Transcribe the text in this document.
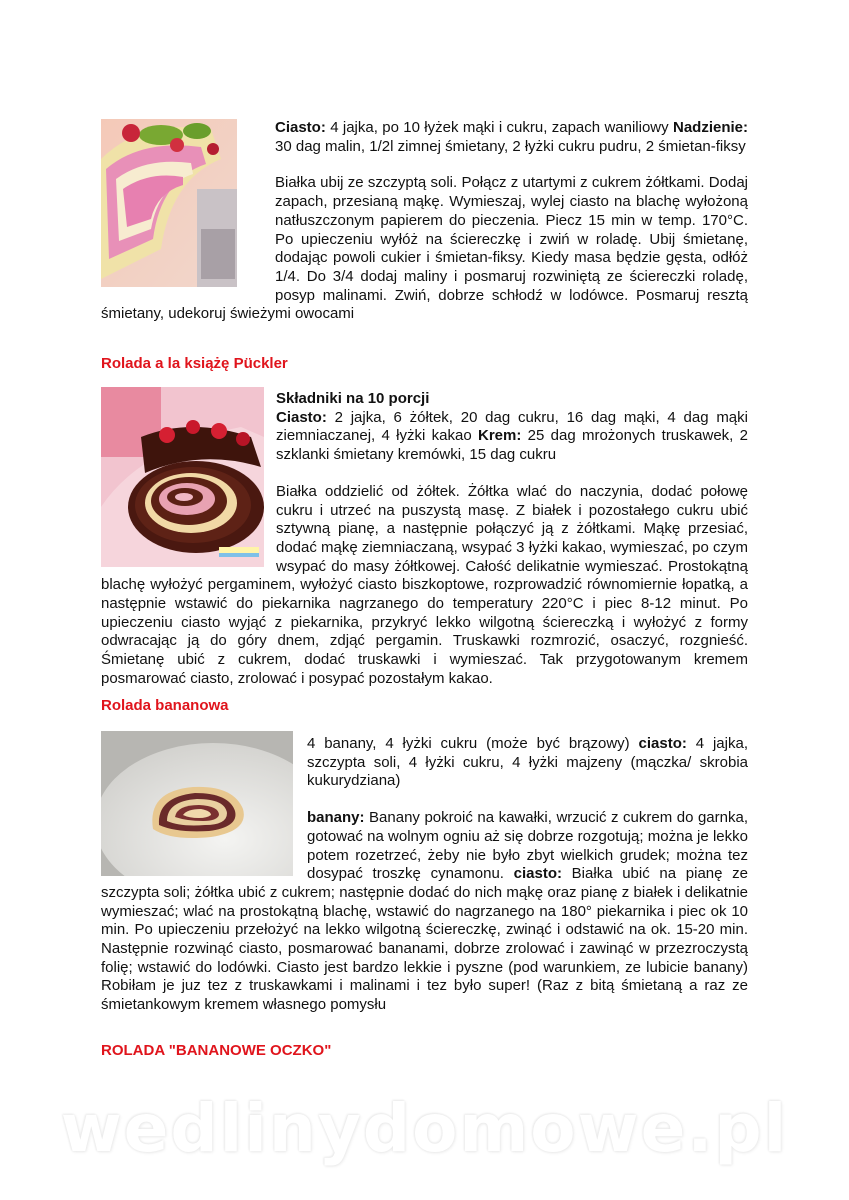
Ciasto: 4 jajka, po 10 łyżek mąki i cukru, zapach waniliowy Nadzienie: 30 dag malin, 1/2l zimnej śmietany, 2 łyżki cukru pudru, 2 śmietan-fiksy

Białka ubij ze szczyptą soli. Połącz z utartymi z cukrem żółtkami. Dodaj zapach, przesianą mąkę. Wymieszaj, wylej ciasto na blachę wyłożoną natłuszczonym papierem do pieczenia. Piecz 15 min w temp. 170°C. Po upieczeniu wyłóż na ściereczkę i zwiń w roladę. Ubij śmietanę, dodając powoli cukier i śmietan-fiksy. Kiedy masa będzie gęsta, odłóż 1/4. Do 3/4 dodaj maliny i posmaruj rozwiniętą ze ściereczki roladę, posyp malinami. Zwiń, dobrze schłodź w lodówce. Posmaruj resztą śmietany, udekoruj świeżymi owocami

Rolada a la książę Pückler

Składniki na 10 porcji
Ciasto: 2 jajka, 6 żółtek, 20 dag cukru, 16 dag mąki, 4 dag mąki ziemniaczanej, 4 łyżki kakao Krem: 25 dag mrożonych truskawek, 2 szklanki śmietany kremówki, 15 dag cukru

Białka oddzielić od żółtek. Żółtka wlać do naczynia, dodać połowę cukru i utrzeć na puszystą masę. Z białek i pozostałego cukru ubić sztywną pianę, a następnie połączyć ją z żółtkami. Mąkę przesiać, dodać mąkę ziemniaczaną, wsypać 3 łyżki kakao, wymieszać, po czym wsypać do masy żółtkowej. Całość delikatnie wymieszać. Prostokątną blachę wyłożyć pergaminem, wyłożyć ciasto biszkoptowe, rozprowadzić równomiernie łopatką, a następnie wstawić do piekarnika nagrzanego do temperatury 220°C i piec 8-12 minut. Po upieczeniu ciasto wyjąć z piekarnika, przykryć lekko wilgotną ściereczką i wyłożyć z formy odwracając ją do góry dnem, zdjąć pergamin. Truskawki rozmrozić, osaczyć, rozgnieść. Śmietanę ubić z cukrem, dodać truskawki i wymieszać. Tak przygotowanym kremem posmarować ciasto, zrolować i posypać pozostałym kakao.

Rolada bananowa

4 banany, 4 łyżki cukru (może być brązowy) ciasto: 4 jajka, szczypta soli, 4 łyżki cukru, 4 łyżki majzeny (mączka/ skrobia kukurydziana)

banany: Banany pokroić na kawałki, wrzucić z cukrem do garnka, gotować na wolnym ogniu aż się dobrze rozgotują; można je lekko potem rozetrzeć, żeby nie było zbyt wielkich grudek; można tez dosypać troszkę cynamonu. ciasto: Białka ubić na pianę ze szczypta soli; żółtka ubić z cukrem; następnie dodać do nich mąkę oraz pianę z białek i delikatnie wymieszać; wlać na prostokątną blachę, wstawić do nagrzanego na 180° piekarnika i piec ok 10 min. Po upieczeniu przełożyć na lekko wilgotną ściereczkę, zwinąć i odstawić na ok. 15-20 min. Następnie rozwinąć ciasto, posmarować bananami, dobrze zrolować i zawinąć w przezroczystą folię; wstawić do lodówki. Ciasto jest bardzo lekkie i pyszne (pod warunkiem, ze lubicie banany) Robiłam je juz tez z truskawkami i malinami i tez było super! (Raz z bitą śmietaną a raz ze śmietankowym kremem własnego pomysłu

ROLADA "BANANOWE OCZKO"
wedlinydomowe.pl
